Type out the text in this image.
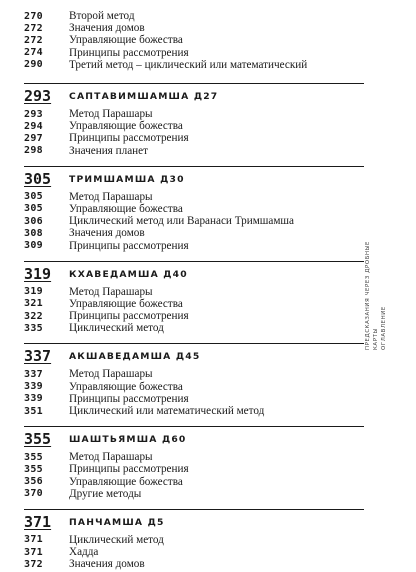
270	Второй метод
272	Значения домов
272	Управляющие божества
274	Принципы рассмотрения
290	Третий метод – циклический или математический
293	САПТАВИМШАМША Д27
293	Метод Парашары
294	Управляющие божества
297	Принципы рассмотрения
298	Значения планет
305	ТРИМШАМША Д30
305	Метод Парашары
305	Управляющие божества
306	Циклический метод или Варанаси Тримшамша
308	Значения домов
309	Принципы рассмотрения
319	КХАВЕДАМША Д40
319	Метод Парашары
321	Управляющие божества
322	Принципы рассмотрения
335	Циклический метод
337	АКШАВЕДАМША Д45
337	Метод Парашары
339	Управляющие божества
339	Принципы рассмотрения
351	Циклический или математический метод
355	ШАШТЬЯМША Д60
355	Метод Парашары
355	Принципы рассмотрения
356	Управляющие божества
370	Другие методы
371	ПАНЧАМША Д5
371	Циклический метод
371	Хадда
372	Значения домов
ПРЕДСКАЗАНИЯ ЧЕРЕЗ ДРОБНЫЕ КАРТЫ ОГЛАВЛЕНИЕ
